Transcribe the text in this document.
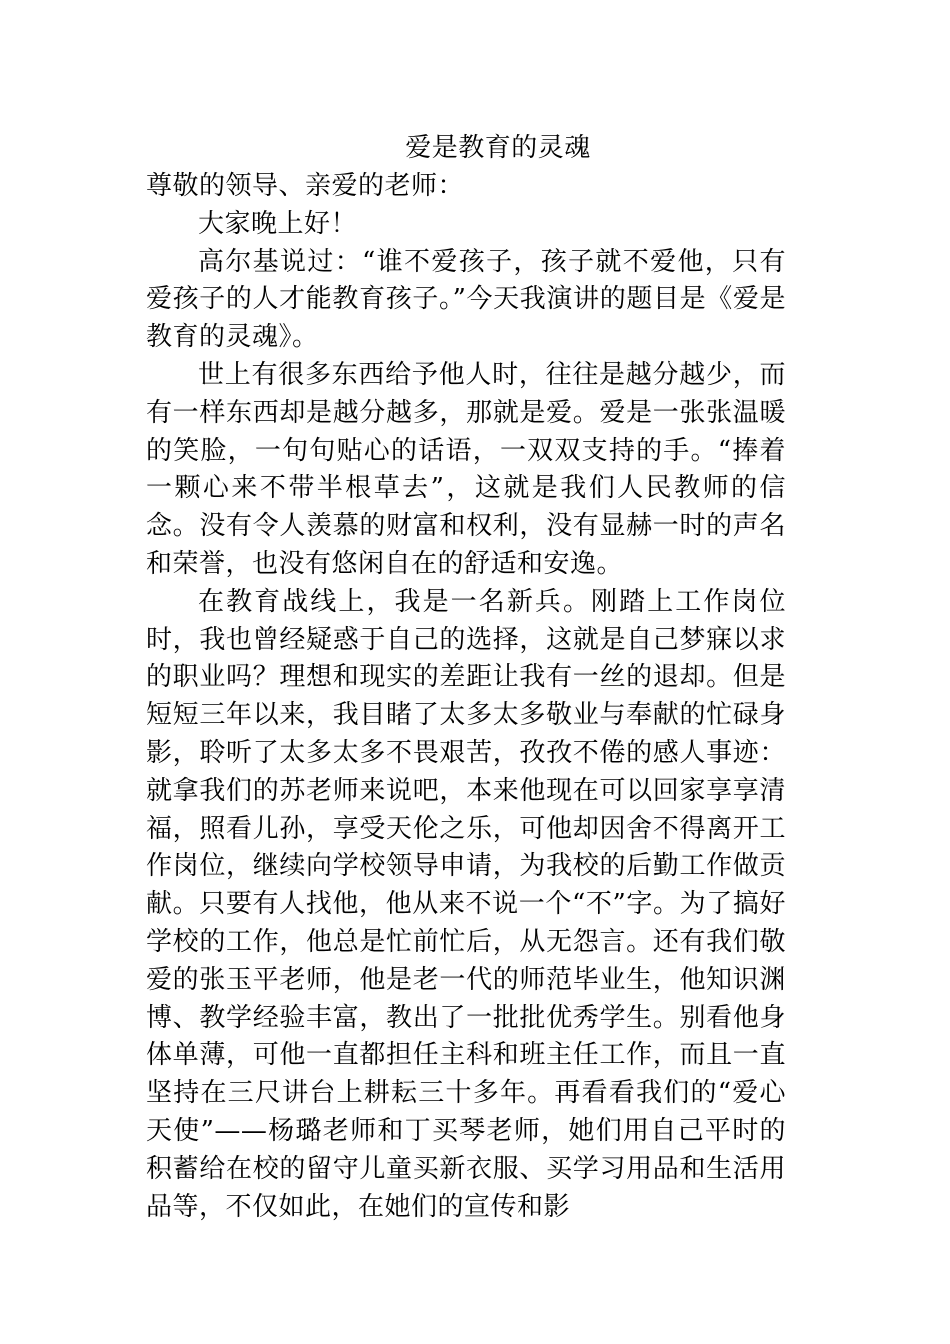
爱是教育的灵魂

尊敬的领导、亲爱的老师：

大家晚上好！

高尔基说过：“谁不爱孩子，孩子就不爱他，只有爱孩子的人才能教育孩子。”今天我演讲的题目是《爱是教育的灵魂》。

世上有很多东西给予他人时，往往是越分越少，而有一样东西却是越分越多，那就是爱。爱是一张张温暖的笑脸，一句句贴心的话语，一双双支持的手。“捧着一颗心来不带半根草去”，这就是我们人民教师的信念。没有令人羡慕的财富和权利，没有显赫一时的声名和荣誉，也没有悠闲自在的舒适和安逸。

在教育战线上，我是一名新兵。刚踏上工作岗位时，我也曾经疑惑于自己的选择，这就是自己梦寐以求的职业吗？理想和现实的差距让我有一丝的退却。但是短短三年以来，我目睹了太多太多敬业与奉献的忙碌身影，聆听了太多太多不畏艰苦，孜孜不倦的感人事迹：就拿我们的苏老师来说吧，本来他现在可以回家享享清福，照看儿孙，享受天伦之乐，可他却因舍不得离开工作岗位，继续向学校领导申请，为我校的后勤工作做贡献。只要有人找他，他从来不说一个“不”字。为了搞好学校的工作，他总是忙前忙后，从无怨言。还有我们敬爱的张玉平老师，他是老一代的师范毕业生，他知识渊博、教学经验丰富，教出了一批批优秀学生。别看他身体单薄，可他一直都担任主科和班主任工作，而且一直坚持在三尺讲台上耕耘三十多年。再看看我们的“爱心天使”——杨璐老师和丁买琴老师，她们用自己平时的积蓄给在校的留守儿童买新衣服、买学习用品和生活用品等，不仅如此，在她们的宣传和影
